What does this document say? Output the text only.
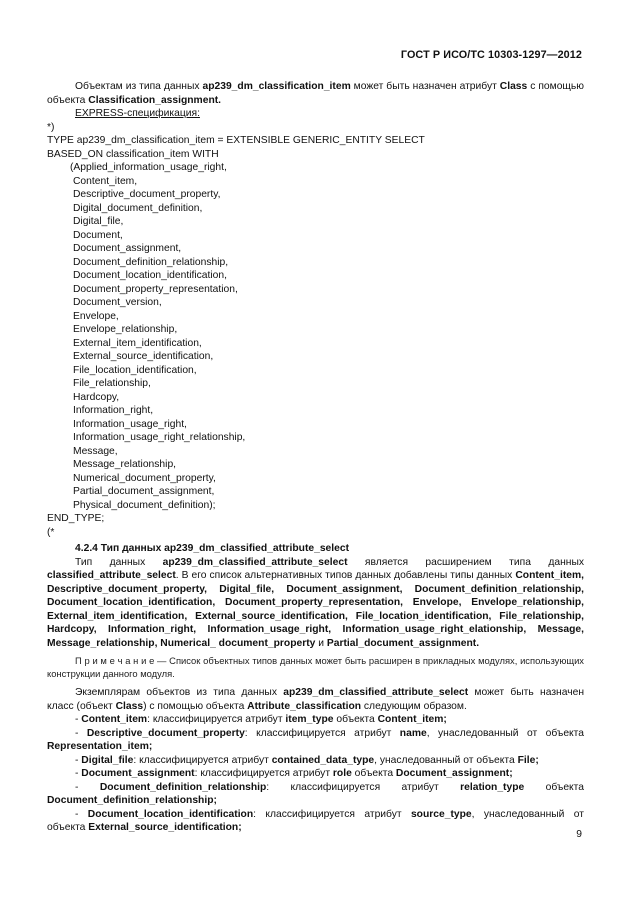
ГОСТ Р ИСО/ТС 10303-1297—2012

Объектам из типа данных ap239_dm_classification_item может быть назначен атрибут Class с помощью объекта Classification_assignment.

EXPRESS-спецификация:

*)

TYPE ap239_dm_classification_item = EXTENSIBLE GENERIC_ENTITY SELECT

BASED_ON classification_item WITH

(Applied_information_usage_right,

Content_item,

Descriptive_document_property,

Digital_document_definition,

Digital_file,

Document,

Document_assignment,

Document_definition_relationship,

Document_location_identification,

Document_property_representation,

Document_version,

Envelope,

Envelope_relationship,

External_item_identification,

External_source_identification,

File_location_identification,

File_relationship,

Hardcopy,

Information_right,

Information_usage_right,

Information_usage_right_relationship,

Message,

Message_relationship,

Numerical_document_property,

Partial_document_assignment,

Physical_document_definition);

END_TYPE;

(*

4.2.4 Тип данных ap239_dm_classified_attribute_select

Тип данных ap239_dm_classified_attribute_select является расширением типа данных classified_attribute_select. В его список альтернативных типов данных добавлены типы данных Content_item, Descriptive_document_property, Digital_file, Document_assignment, Document_definition_relationship, Document_location_identification, Document_property_representation, Envelope, Envelope_relationship, External_item_identification, External_source_identification, File_location_identification, File_relationship, Hardcopy, Information_right, Information_usage_right, Information_usage_right_elationship, Message, Message_relationship, Numerical_ document_property и Partial_document_assignment.

П р и м е ч а н и е — Список объектных типов данных может быть расширен в прикладных модулях, использующих конструкции данного модуля.

Экземплярам объектов из типа данных ap239_dm_classified_attribute_select может быть назначен класс (объект Class) с помощью объекта Attribute_classification следующим образом.

- Content_item: классифицируется атрибут item_type объекта Content_item;

- Descriptive_document_property: классифицируется атрибут name, унаследованный от объекта Representation_item;

- Digital_file: классифицируется атрибут contained_data_type, унаследованный от объекта File;

- Document_assignment: классифицируется атрибут role объекта Document_assignment;

- Document_definition_relationship: классифицируется атрибут relation_type объекта Document_definition_relationship;

- Document_location_identification: классифицируется атрибут source_type, унаследованный от объекта External_source_identification;

9
